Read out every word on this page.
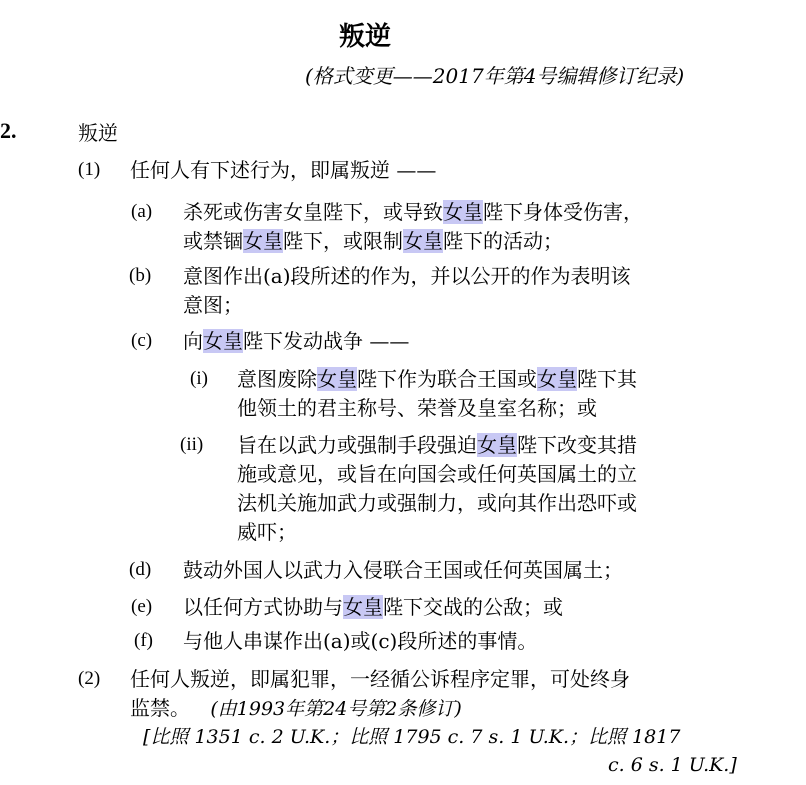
叛逆
(格式变更——2017年第4号编辑修订纪录)
2.	叛逆
(1) 任何人有下述行为，即属叛逆 ——
(a) 杀死或伤害女皇陛下，或导致女皇陛下身体受伤害，
或禁锢女皇陛下，或限制女皇陛下的活动；
(b) 意图作出(a)段所述的作为，并以公开的作为表明该
意图；
(c) 向女皇陛下发动战争 ——
(i) 意图废除女皇陛下作为联合王国或女皇陛下其
他领土的君主称号、荣誉及皇室名称；或
(ii) 旨在以武力或强制手段强迫女皇陛下改变其措
施或意见，或旨在向国会或任何英国属土的立
法机关施加武力或强制力，或向其作出恐吓或
威吓；
(d) 鼓动外国人以武力入侵联合王国或任何英国属土；
(e) 以任何方式协助与女皇陛下交战的公敌；或
(f) 与他人串谋作出(a)或(c)段所述的事情。
(2) 任何人叛逆，即属犯罪，一经循公诉程序定罪，可处终身
监禁。 (由1993年第24号第2条修订)
[比照 1351 c. 2 U.K.；比照 1795 c. 7 s. 1 U.K.；比照 1817
c. 6 s. 1 U.K.]
